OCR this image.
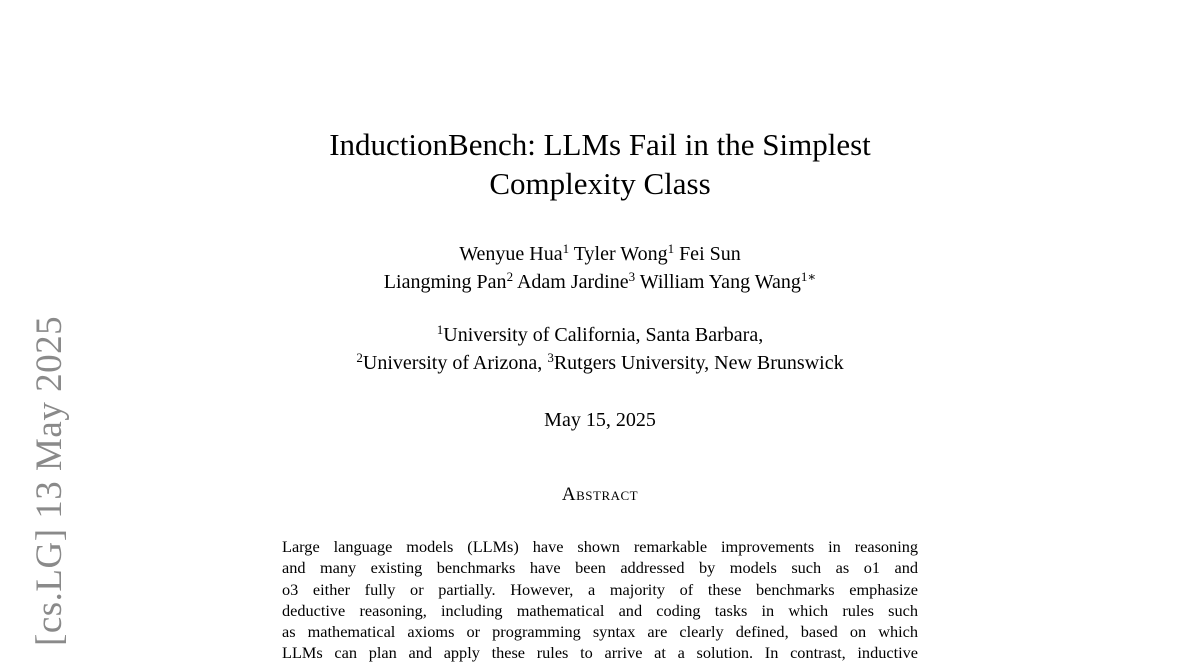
[cs.LG] 13 May 2025
InductionBench: LLMs Fail in the Simplest
Complexity Class
Wenyue Hua$^1$ Tyler Wong$^1$ Fei Sun
Liangming Pan$^2$ Adam Jardine$^3$ William Yang Wang$^{1∗}$
$^1$University of California, Santa Barbara,
$^2$University of Arizona, $^3$Rutgers University, New Brunswick
May 15, 2025
Abstract
Large language models (LLMs) have shown remarkable improvements in reasoning
and many existing benchmarks have been addressed by models such as o1 and
o3 either fully or partially. However, a majority of these benchmarks emphasize
deductive reasoning, including mathematical and coding tasks in which rules such
as mathematical axioms or programming syntax are clearly defined, based on which
LLMs can plan and apply these rules to arrive at a solution. In contrast, inductive
